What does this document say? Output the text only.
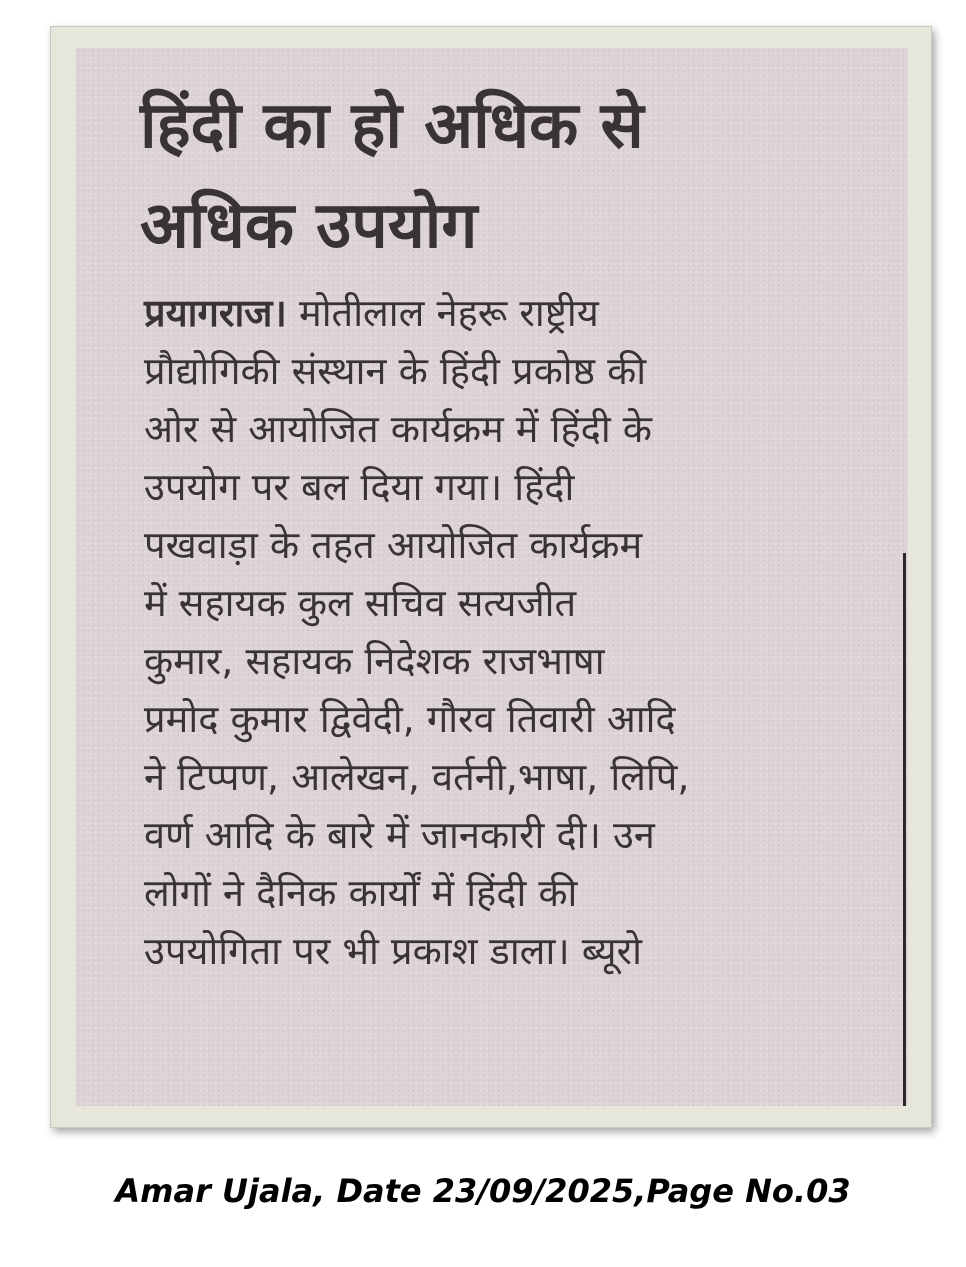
हिंदी का हो अधिक से
अधिक उपयोग
प्रयागराज। मोतीलाल नेहरू राष्ट्रीय
प्रौद्योगिकी संस्थान के हिंदी प्रकोष्ठ की
ओर से आयोजित कार्यक्रम में हिंदी के
उपयोग पर बल दिया गया। हिंदी
पखवाड़ा के तहत आयोजित कार्यक्रम
में सहायक कुल सचिव सत्यजीत
कुमार, सहायक निदेशक राजभाषा
प्रमोद कुमार द्विवेदी, गौरव तिवारी आदि
ने टिप्पण, आलेखन, वर्तनी,भाषा, लिपि,
वर्ण आदि के बारे में जानकारी दी। उन
लोगों ने दैनिक कार्यों में हिंदी की
उपयोगिता पर भी प्रकाश डाला। ब्यूरो
Amar Ujala, Date 23/09/2025,Page No.03
